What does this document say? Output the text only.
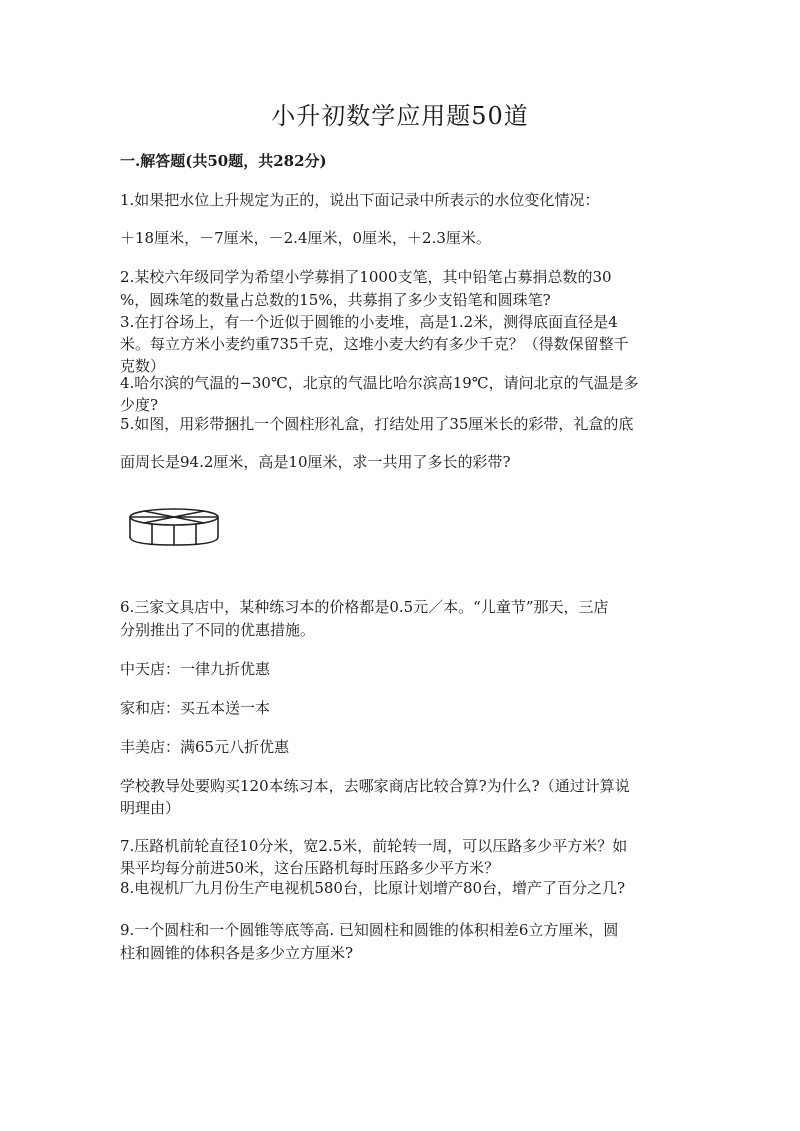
小升初数学应用题50道
一.解答题(共50题，共282分)
1.如果把水位上升规定为正的，说出下面记录中所表示的水位变化情况：
＋18厘米，－7厘米，－2.4厘米，0厘米，＋2.3厘米。
2.某校六年级同学为希望小学募捐了1000支笔，其中铅笔占募捐总数的30
%，圆珠笔的数量占总数的15%，共募捐了多少支铅笔和圆珠笔?
3.在打谷场上，有一个近似于圆锥的小麦堆，高是1.2米，测得底面直径是4
米。每立方米小麦约重735千克，这堆小麦大约有多少千克？（得数保留整千
克数）
4.哈尔滨的气温的−30℃，北京的气温比哈尔滨高19℃，请问北京的气温是多
少度?
5.如图，用彩带捆扎一个圆柱形礼盒，打结处用了35厘米长的彩带，礼盒的底
面周长是94.2厘米，高是10厘米，求一共用了多长的彩带?
6.三家文具店中，某种练习本的价格都是0.5元／本。“儿童节”那天，三店
分别推出了不同的优惠措施。
中天店：一律九折优惠
家和店：买五本送一本
丰美店：满65元八折优惠
学校教导处要购买120本练习本，去哪家商店比较合算?为什么?（通过计算说
明理由）
7.压路机前轮直径10分米，宽2.5米，前轮转一周，可以压路多少平方米？如
果平均每分前进50米，这台压路机每时压路多少平方米？
8.电视机厂九月份生产电视机580台，比原计划增产80台，增产了百分之几?
9.一个圆柱和一个圆锥等底等高. 已知圆柱和圆锥的体积相差6立方厘米，圆
柱和圆锥的体积各是多少立方厘米?
